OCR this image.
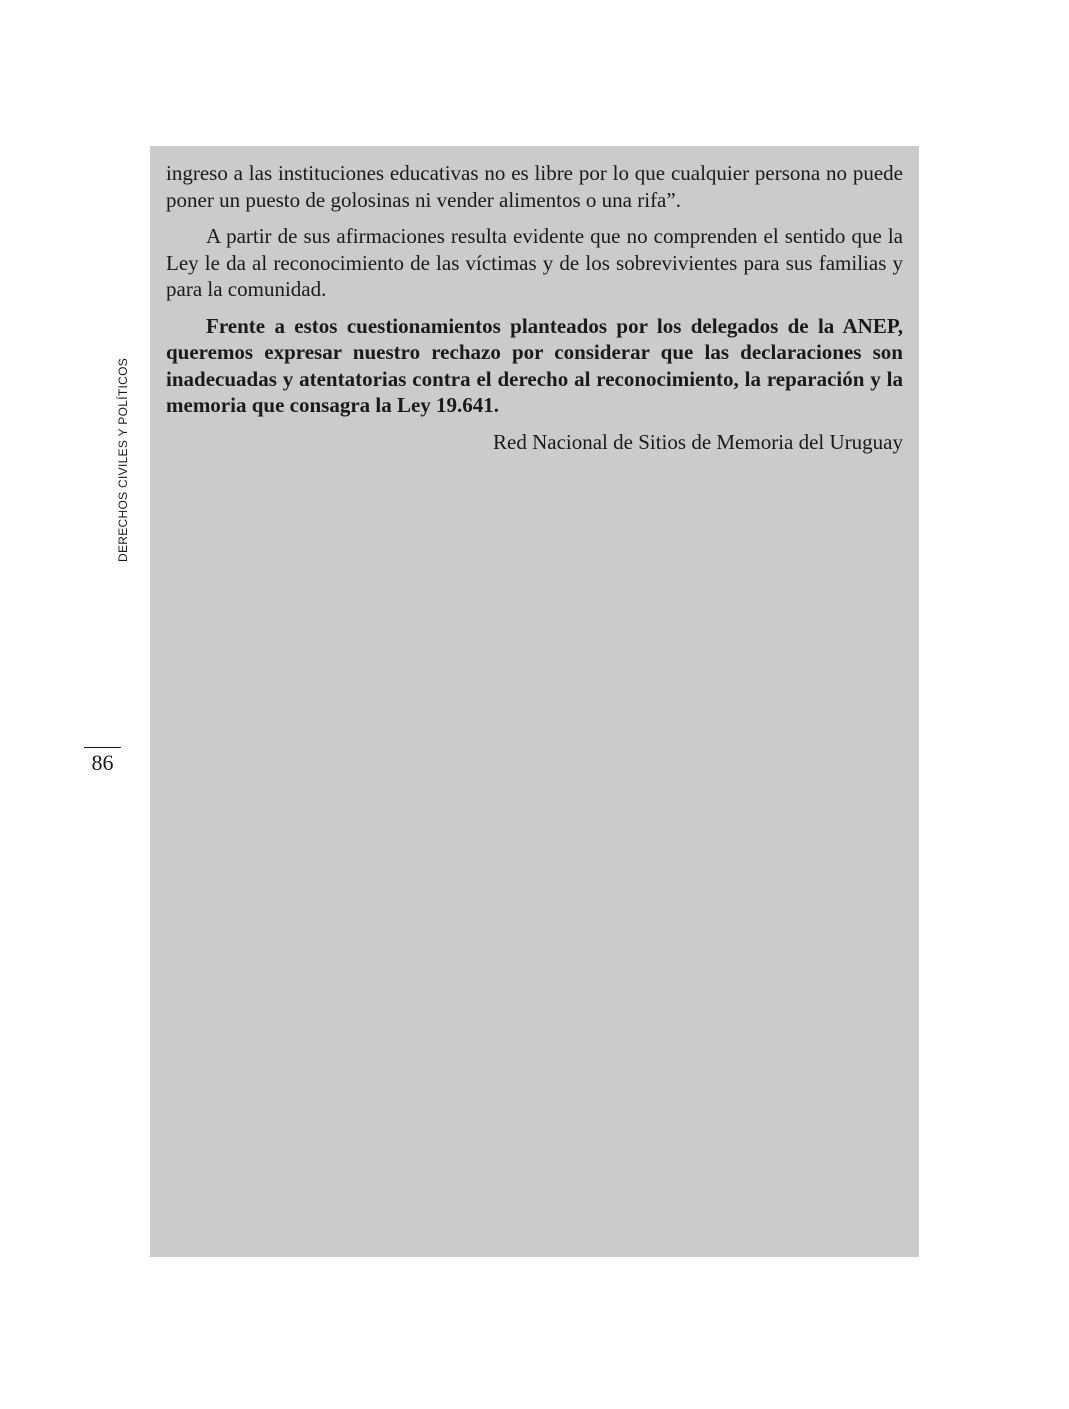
ingreso a las instituciones educativas no es libre por lo que cualquier persona no puede poner un puesto de golosinas ni vender alimentos o una rifa”.

A partir de sus afirmaciones resulta evidente que no comprenden el sentido que la Ley le da al reconocimiento de las víctimas y de los sobrevivientes para sus familias y para la comunidad.

Frente a estos cuestionamientos planteados por los delegados de la ANEP, queremos expresar nuestro rechazo por considerar que las declaraciones son inadecuadas y atentatorias contra el derecho al reconocimiento, la reparación y la memoria que consagra la Ley 19.641.

Red Nacional de Sitios de Memoria del Uruguay

DERECHOS CIVILES Y POLÍTICOS
86
